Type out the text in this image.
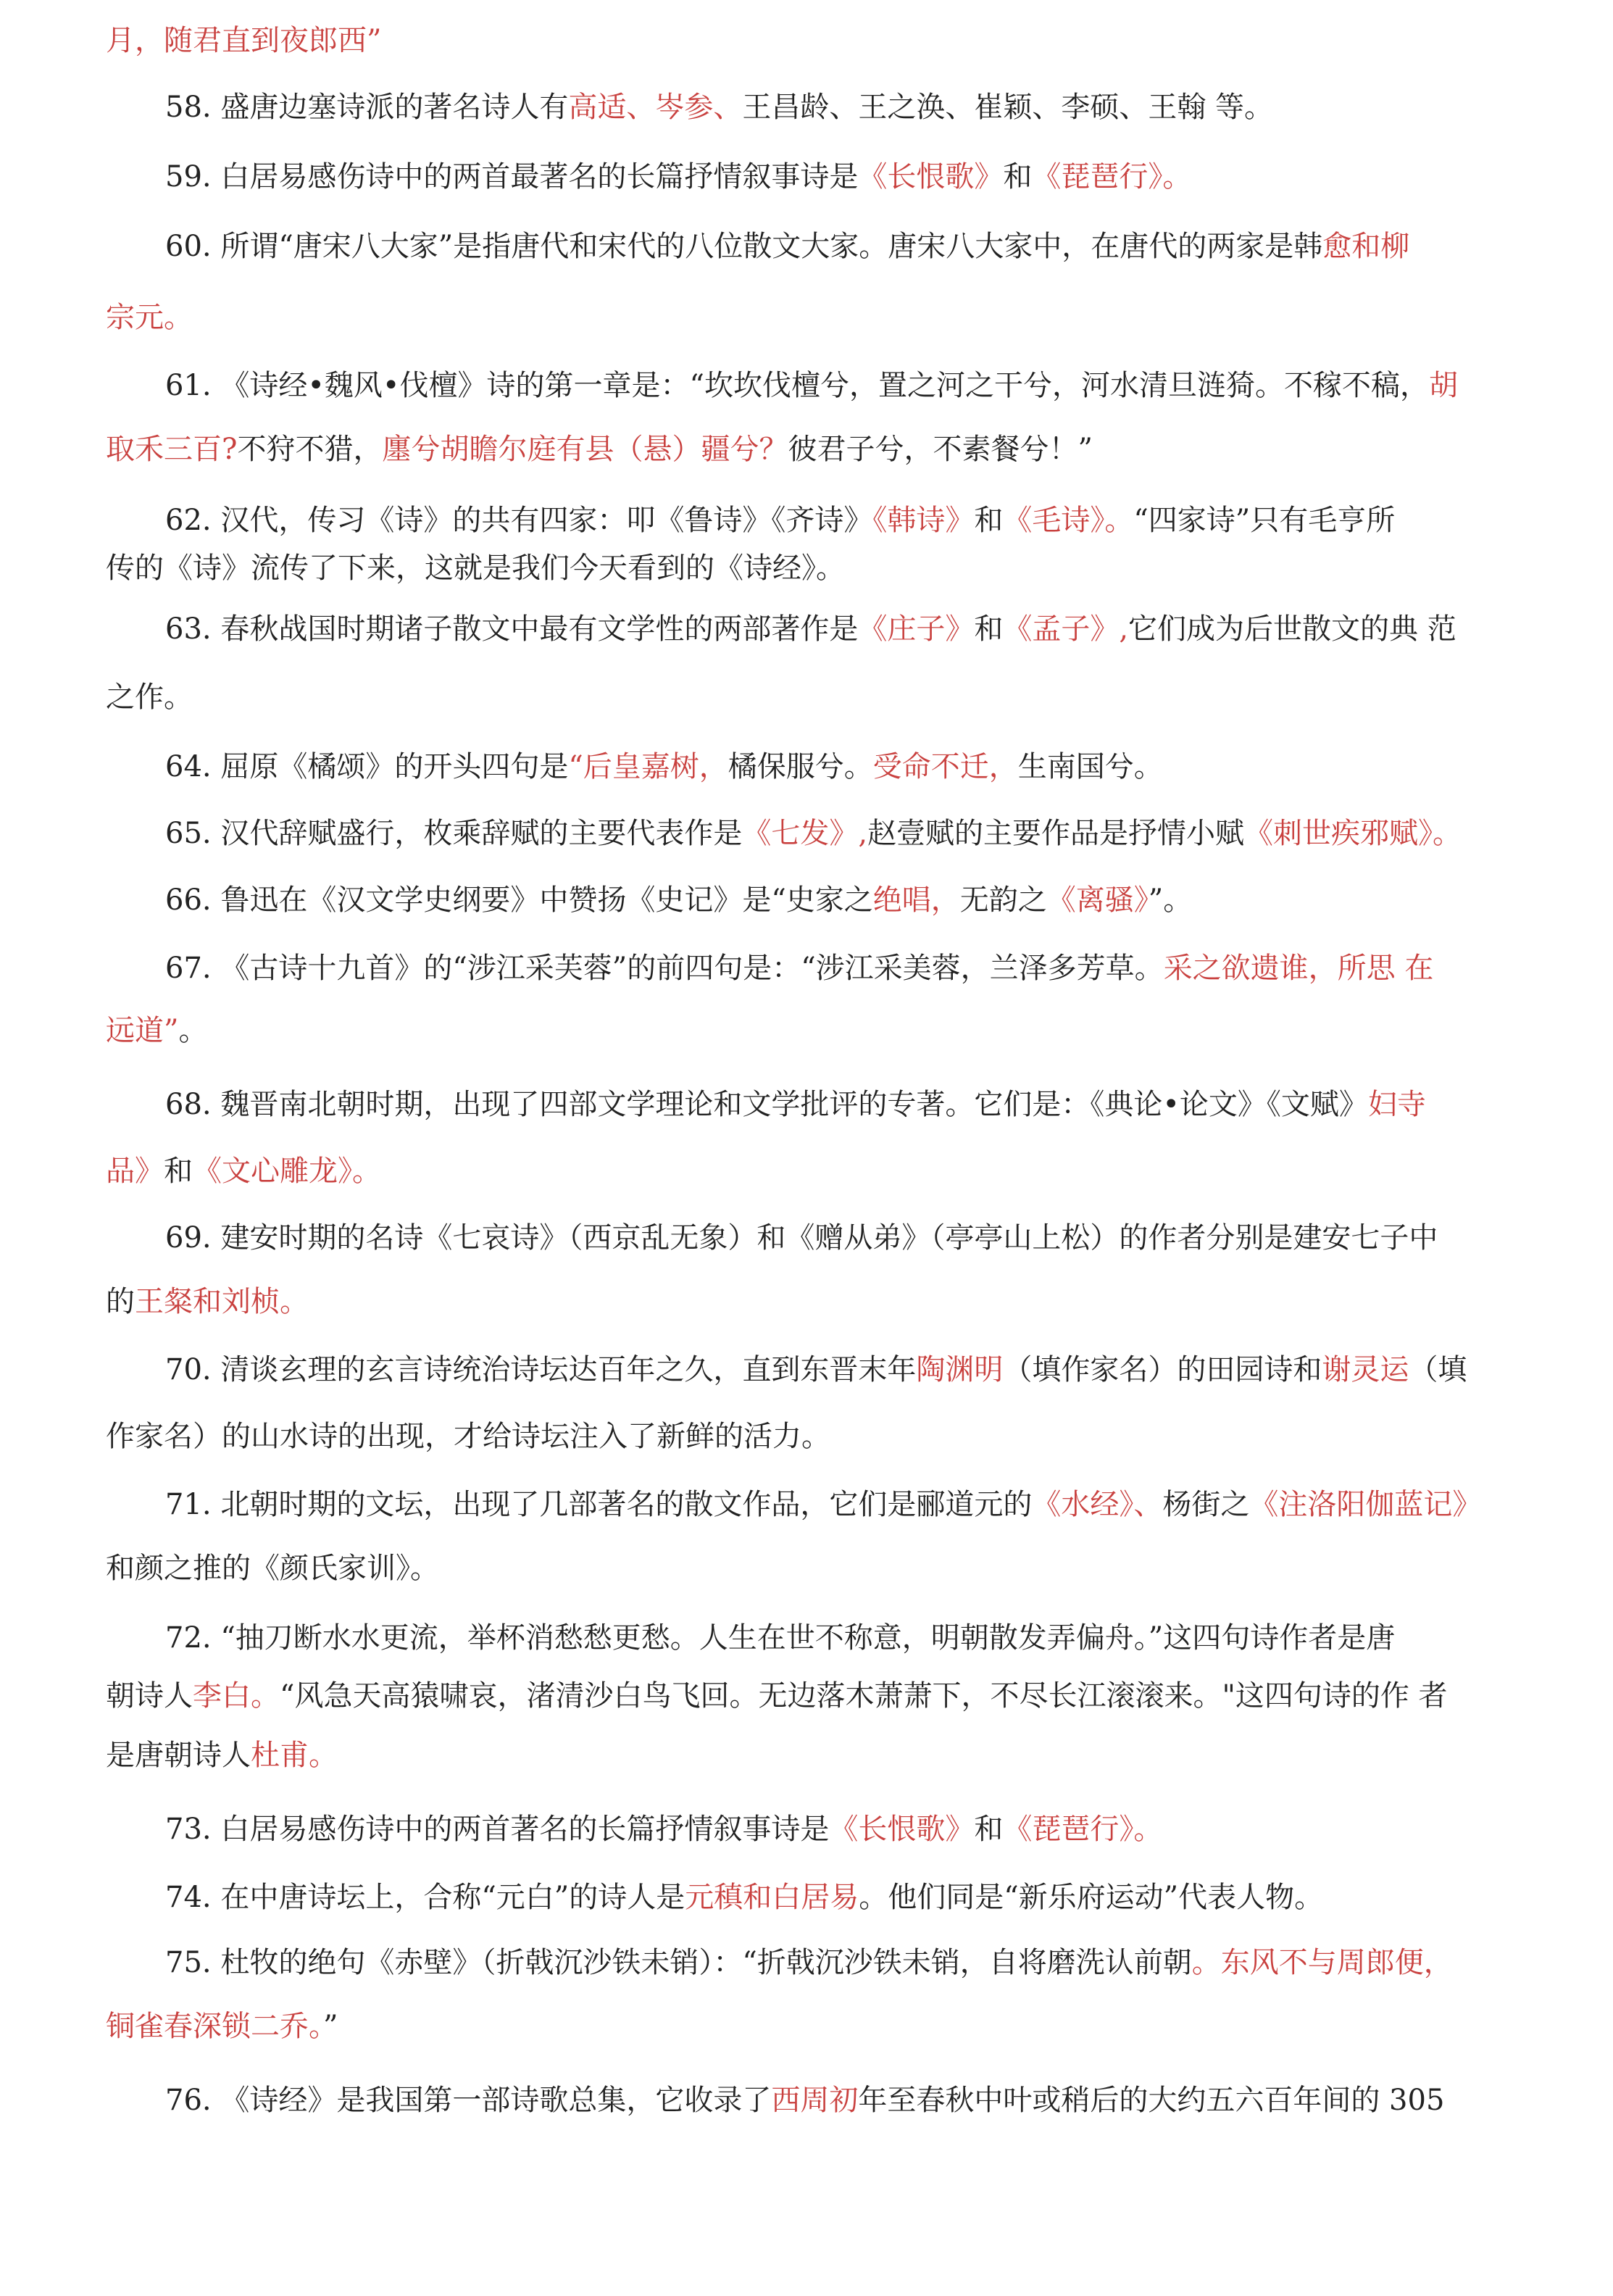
月，随君直到夜郎西”
58. 盛唐边塞诗派的著名诗人有高适、岑参、王昌龄、王之涣、崔颖、李硕、王翰 等。
59. 白居易感伤诗中的两首最著名的长篇抒情叙事诗是《长恨歌》和《琵琶行》。
60. 所谓“唐宋八大家”是指唐代和宋代的八位散文大家。唐宋八大家中，在唐代的两家是韩愈和柳
宗元。
61. 《诗经•魏风•伐檀》诗的第一章是：“坎坎伐檀兮，置之河之干兮，河水清旦涟猗。不稼不稿，胡
取禾三百?不狩不猎，廛兮胡瞻尔庭有县（悬）疆兮？彼君子兮，不素餐兮！”
62. 汉代，传习《诗》的共有四家：叩《鲁诗》《齐诗》《韩诗》和《毛诗》。“四家诗”只有毛亨所
传的《诗》流传了下来，这就是我们今天看到的《诗经》。
63. 春秋战国时期诸子散文中最有文学性的两部著作是《庄子》和《孟子》,它们成为后世散文的典 范
之作。
64. 屈原《橘颂》的开头四句是“后皇嘉树，橘保服兮。受命不迁，生南国兮。
65. 汉代辞赋盛行，枚乘辞赋的主要代表作是《七发》,赵壹赋的主要作品是抒情小赋《刺世疾邪赋》。
66. 鲁迅在《汉文学史纲要》中赞扬《史记》是“史家之绝唱，无韵之《离骚》”。
67. 《古诗十九首》的“涉江采芙蓉”的前四句是：“涉江采美蓉，兰泽多芳草。采之欲遗谁，所思 在
远道”。
68. 魏晋南北朝时期，出现了四部文学理论和文学批评的专著。它们是：《典论•论文》《文赋》妇寺
品》和《文心雕龙》。
69. 建安时期的名诗《七哀诗》（西京乱无象）和《赠从弟》（亭亭山上松）的作者分别是建安七子中
的王粲和刘桢。
70. 清谈玄理的玄言诗统治诗坛达百年之久，直到东晋末年陶渊明（填作家名）的田园诗和谢灵运（填
作家名）的山水诗的出现，才给诗坛注入了新鲜的活力。
71. 北朝时期的文坛，出现了几部著名的散文作品，它们是郦道元的《水经》、杨街之《注洛阳伽蓝记》
和颜之推的《颜氏家训》。
72. “抽刀断水水更流，举杯消愁愁更愁。人生在世不称意，明朝散发弄偏舟。”这四句诗作者是唐
朝诗人李白。“风急天高猿啸哀，渚清沙白鸟飞回。无边落木萧萧下，不尽长江滚滚来。"这四句诗的作 者
是唐朝诗人杜甫。
73. 白居易感伤诗中的两首著名的长篇抒情叙事诗是《长恨歌》和《琵琶行》。
74. 在中唐诗坛上，合称“元白”的诗人是元稹和白居易。他们同是“新乐府运动”代表人物。
75. 杜牧的绝句《赤壁》（折戟沉沙铁未销）：“折戟沉沙铁未销，自将磨洗认前朝。东风不与周郎便，
铜雀春深锁二乔。”
76. 《诗经》是我国第一部诗歌总集，它收录了西周初年至春秋中叶或稍后的大约五六百年间的 305
